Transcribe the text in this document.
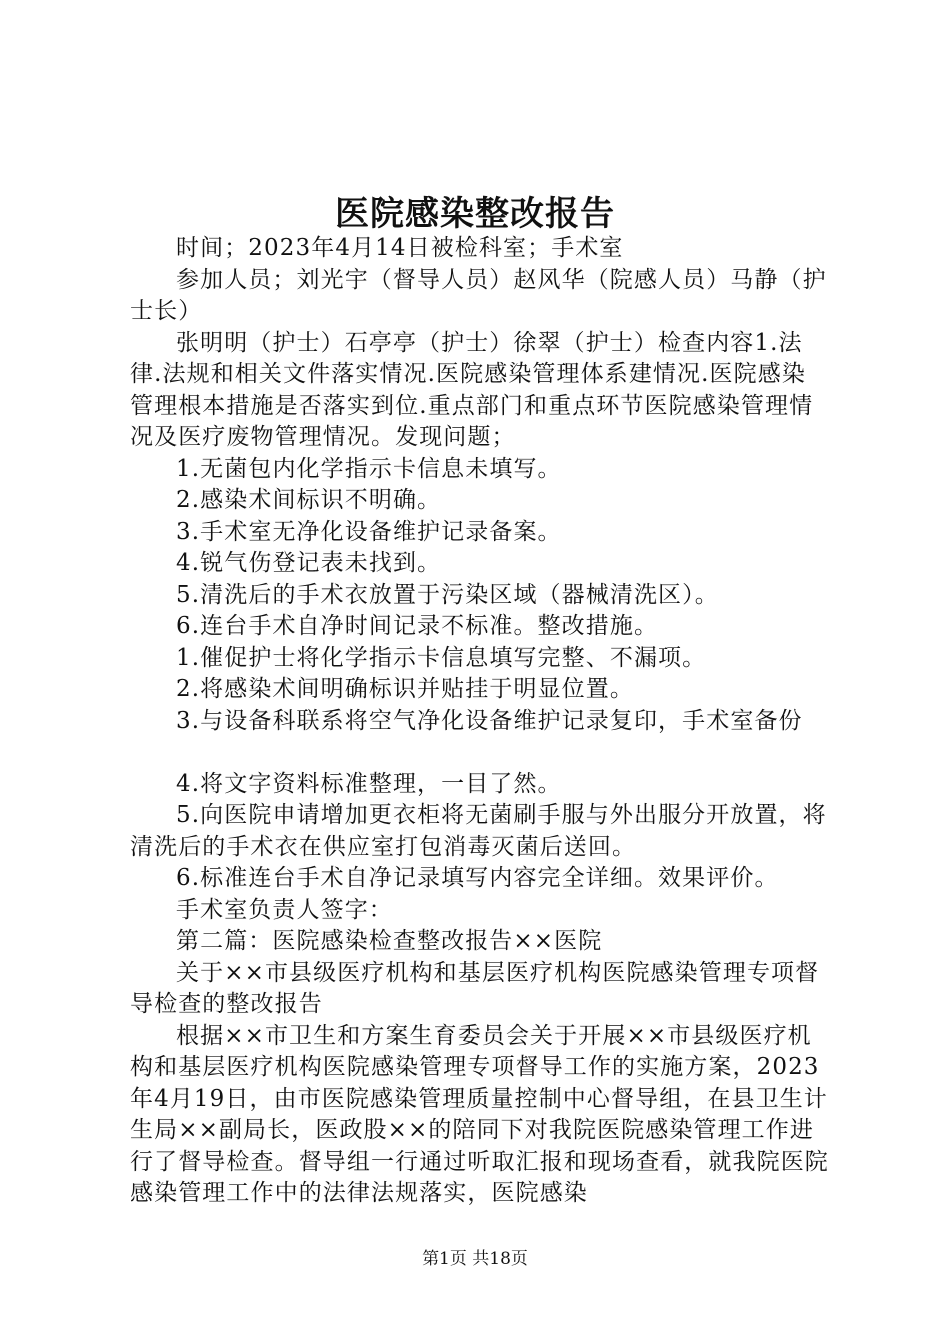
医院感染整改报告

时间；2023年4月14日被检科室；手术室

参加人员；刘光宇（督导人员）赵风华（院感人员）马静（护士长）

张明明（护士）石亭亭（护士）徐翠（护士）检查内容1.法律.法规和相关文件落实情况.医院感染管理体系建情况.医院感染管理根本措施是否落实到位.重点部门和重点环节医院感染管理情况及医疗废物管理情况。发现问题；

1.无菌包内化学指示卡信息未填写。

2.感染术间标识不明确。

3.手术室无净化设备维护记录备案。

4.锐气伤登记表未找到。

5.清洗后的手术衣放置于污染区域（器械清洗区）。

6.连台手术自净时间记录不标准。整改措施。

1.催促护士将化学指示卡信息填写完整、不漏项。

2.将感染术间明确标识并贴挂于明显位置。

3.与设备科联系将空气净化设备维护记录复印，手术室备份

4.将文字资料标准整理，一目了然。

5.向医院申请增加更衣柜将无菌刷手服与外出服分开放置，将清洗后的手术衣在供应室打包消毒灭菌后送回。

6.标准连台手术自净记录填写内容完全详细。效果评价。

手术室负责人签字：

第二篇：医院感染检查整改报告××医院

关于××市县级医疗机构和基层医疗机构医院感染管理专项督导检查的整改报告

根据××市卫生和方案生育委员会关于开展××市县级医疗机构和基层医疗机构医院感染管理专项督导工作的实施方案，2023年4月19日，由市医院感染管理质量控制中心督导组，在县卫生计生局××副局长，医政股××的陪同下对我院医院感染管理工作进行了督导检查。督导组一行通过听取汇报和现场查看，就我院医院感染管理工作中的法律法规落实，医院感染

第1页 共18页
